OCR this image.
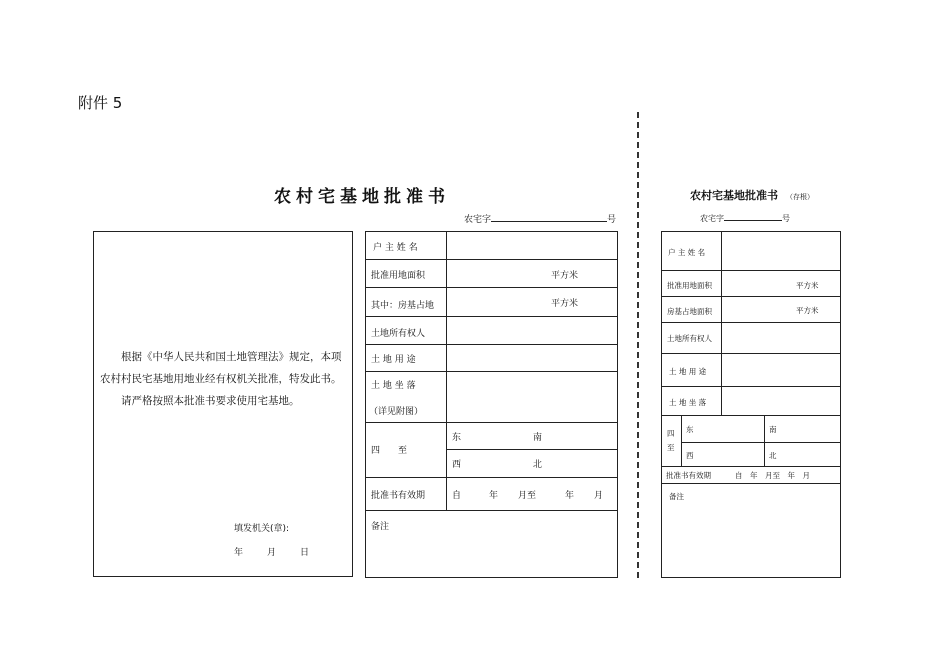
附件 5
农村宅基地批准书
农宅字	号

根据《中华人民共和国土地管理法》规定，本项农村村民宅基地用地业经有权机关批准，特发此书。

请严格按照本批准书要求使用宅基地。

填发机关(章):
年	月	日
户 主 姓 名
批准用地面积	平方米
其中：房基占地	平方米
土地所有权人
土 地 用 途
土 地 坐 落
（详见附图）
四　　至
东	南
西	北
批准书有效期	自	年 月至	年 月
备注
农村宅基地批准书 （存根）
农宅字	号
户 主 姓 名
批准用地面积	平方米
房基占地面积	平方米
土地所有权人
土 地 用 途
土 地 坐 落
四
至
东	南
西	北
批准书有效期	自　年　月至　年　月
备注
